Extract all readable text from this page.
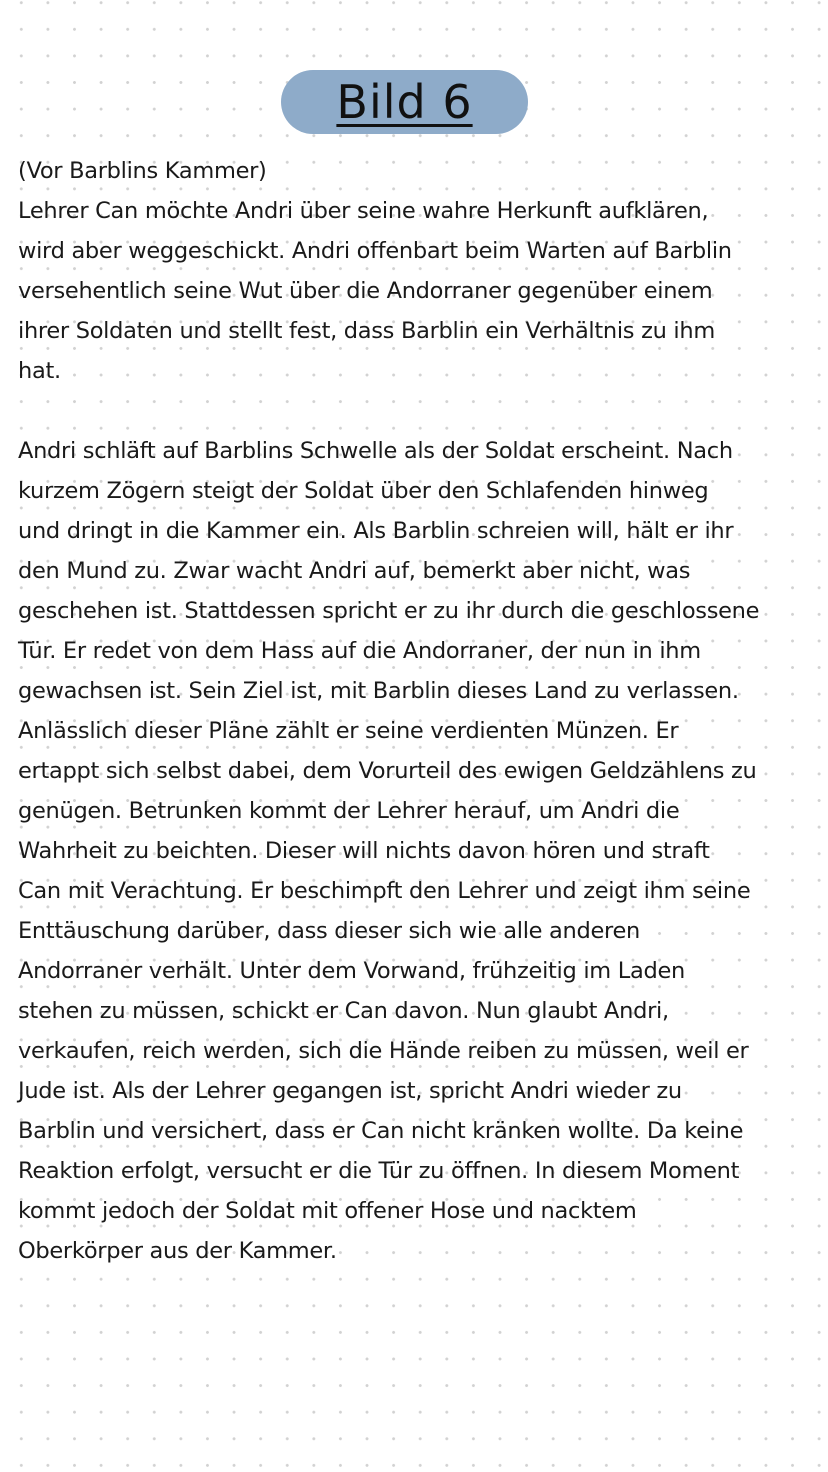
Bild 6

(Vor Barblins Kammer)
Lehrer Can möchte Andri über seine wahre Herkunft aufklären,
wird aber weggeschickt. Andri offenbart beim Warten auf Barblin
versehentlich seine Wut über die Andorraner gegenüber einem
ihrer Soldaten und stellt fest, dass Barblin ein Verhältnis zu ihm
hat.

Andri schläft auf Barblins Schwelle als der Soldat erscheint. Nach
kurzem Zögern steigt der Soldat über den Schlafenden hinweg
und dringt in die Kammer ein. Als Barblin schreien will, hält er ihr
den Mund zu. Zwar wacht Andri auf, bemerkt aber nicht, was
geschehen ist. Stattdessen spricht er zu ihr durch die geschlossene
Tür. Er redet von dem Hass auf die Andorraner, der nun in ihm
gewachsen ist. Sein Ziel ist, mit Barblin dieses Land zu verlassen.
Anlässlich dieser Pläne zählt er seine verdienten Münzen. Er
ertappt sich selbst dabei, dem Vorurteil des ewigen Geldzählens zu
genügen. Betrunken kommt der Lehrer herauf, um Andri die
Wahrheit zu beichten. Dieser will nichts davon hören und straft
Can mit Verachtung. Er beschimpft den Lehrer und zeigt ihm seine
Enttäuschung darüber, dass dieser sich wie alle anderen
Andorraner verhält. Unter dem Vorwand, frühzeitig im Laden
stehen zu müssen, schickt er Can davon. Nun glaubt Andri,
verkaufen, reich werden, sich die Hände reiben zu müssen, weil er
Jude ist. Als der Lehrer gegangen ist, spricht Andri wieder zu
Barblin und versichert, dass er Can nicht kränken wollte. Da keine
Reaktion erfolgt, versucht er die Tür zu öffnen. In diesem Moment
kommt jedoch der Soldat mit offener Hose und nacktem
Oberkörper aus der Kammer.
